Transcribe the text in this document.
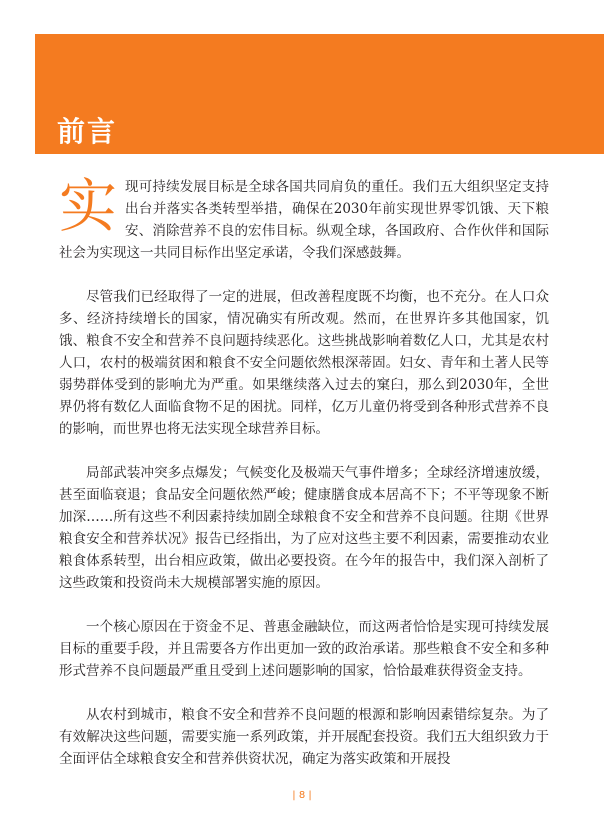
前言

实现可持续发展目标是全球各国共同肩负的重任。我们五大组织坚定支持出台并落实各类转型举措，确保在2030年前实现世界零饥饿、天下粮安、消除营养不良的宏伟目标。纵观全球，各国政府、合作伙伴和国际社会为实现这一共同目标作出坚定承诺，令我们深感鼓舞。

尽管我们已经取得了一定的进展，但改善程度既不均衡，也不充分。在人口众多、经济持续增长的国家，情况确实有所改观。然而，在世界许多其他国家，饥饿、粮食不安全和营养不良问题持续恶化。这些挑战影响着数亿人口，尤其是农村人口，农村的极端贫困和粮食不安全问题依然根深蒂固。妇女、青年和土著人民等弱势群体受到的影响尤为严重。如果继续落入过去的窠臼，那么到2030年，全世界仍将有数亿人面临食物不足的困扰。同样，亿万儿童仍将受到各种形式营养不良的影响，而世界也将无法实现全球营养目标。

局部武装冲突多点爆发；气候变化及极端天气事件增多；全球经济增速放缓，甚至面临衰退；食品安全问题依然严峻；健康膳食成本居高不下；不平等现象不断加深……所有这些不利因素持续加剧全球粮食不安全和营养不良问题。往期《世界粮食安全和营养状况》报告已经指出，为了应对这些主要不利因素，需要推动农业粮食体系转型，出台相应政策，做出必要投资。在今年的报告中，我们深入剖析了这些政策和投资尚未大规模部署实施的原因。

一个核心原因在于资金不足、普惠金融缺位，而这两者恰恰是实现可持续发展目标的重要手段，并且需要各方作出更加一致的政治承诺。那些粮食不安全和多种形式营养不良问题最严重且受到上述问题影响的国家，恰恰最难获得资金支持。

从农村到城市，粮食不安全和营养不良问题的根源和影响因素错综复杂。为了有效解决这些问题，需要实施一系列政策，并开展配套投资。我们五大组织致力于全面评估全球粮食安全和营养供资状况，确定为落实政策和开展投

| 8 |
